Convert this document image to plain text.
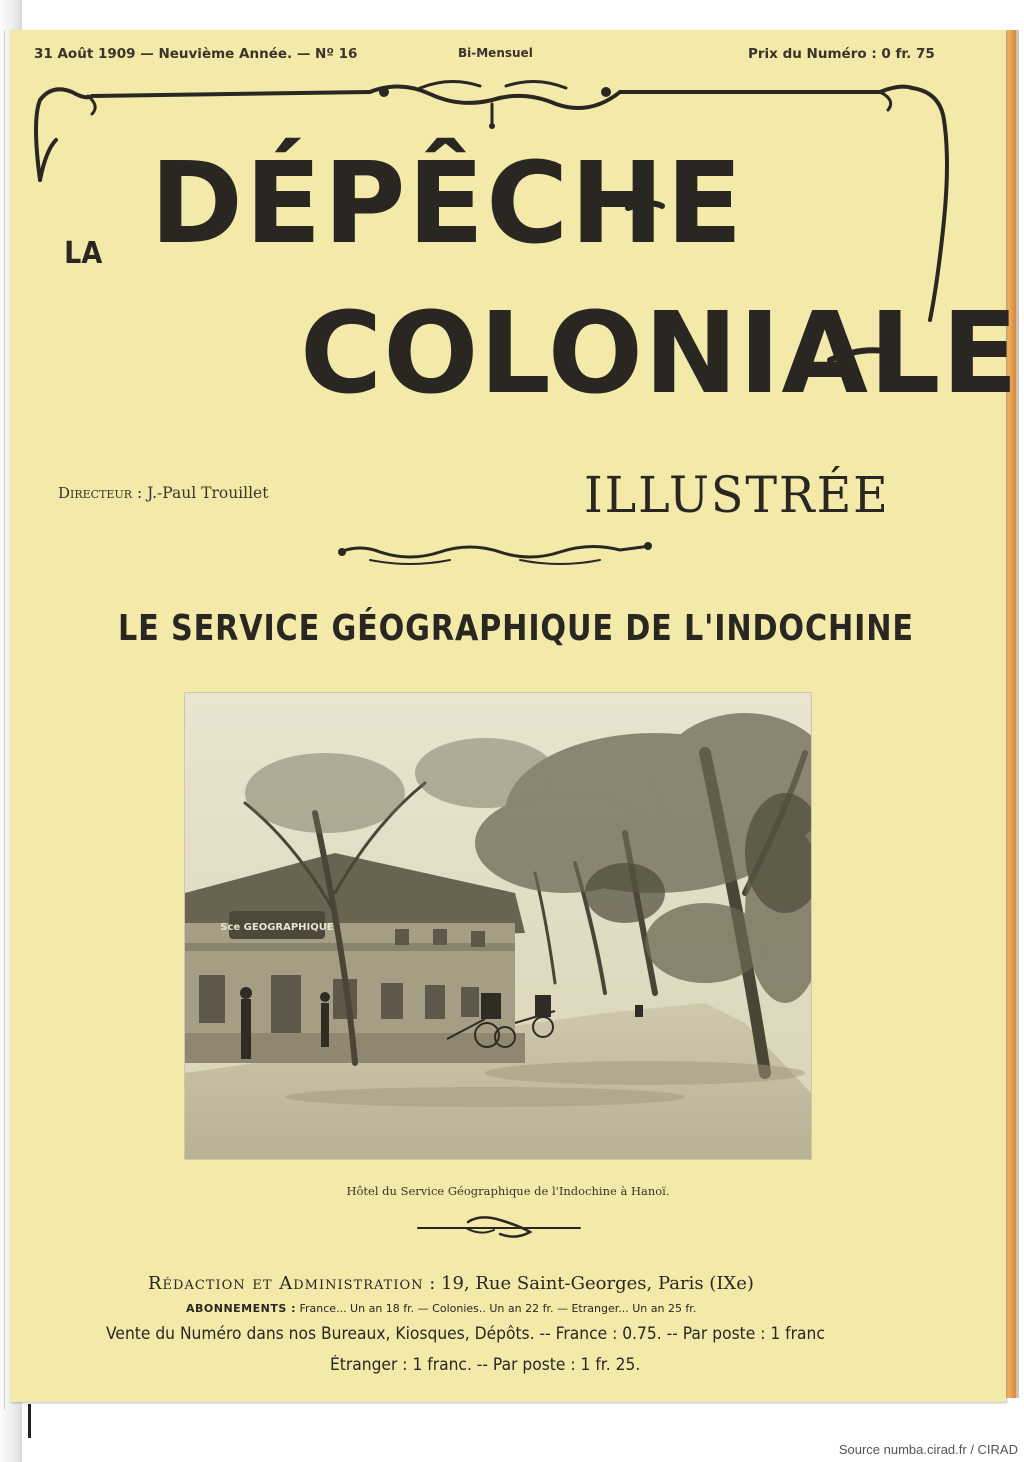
31 Août 1909 — Neuvième Année. — Nº 16	Bi-Mensuel	Prix du Numéro : 0 fr. 75
LA DÉPÊCHE
COLONIALE
Directeur : J.-Paul Trouillet	ILLUSTRÉE
LE SERVICE GÉOGRAPHIQUE DE L'INDOCHINE
Sce GEOGRAPHIQUE
Hôtel du Service Géographique de l'Indochine à Hanoï.
Rédaction et Administration : 19, Rue Saint-Georges, Paris (IXe)
ABONNEMENTS : France... Un an 18 fr. — Colonies.. Un an 22 fr. — Etranger... Un an 25 fr.
Vente du Numéro dans nos Bureaux, Kiosques, Dépôts. -- France : 0.75. -- Par poste : 1 franc
Étranger : 1 franc. -- Par poste : 1 fr. 25.
Source numba.cirad.fr / CIRAD
